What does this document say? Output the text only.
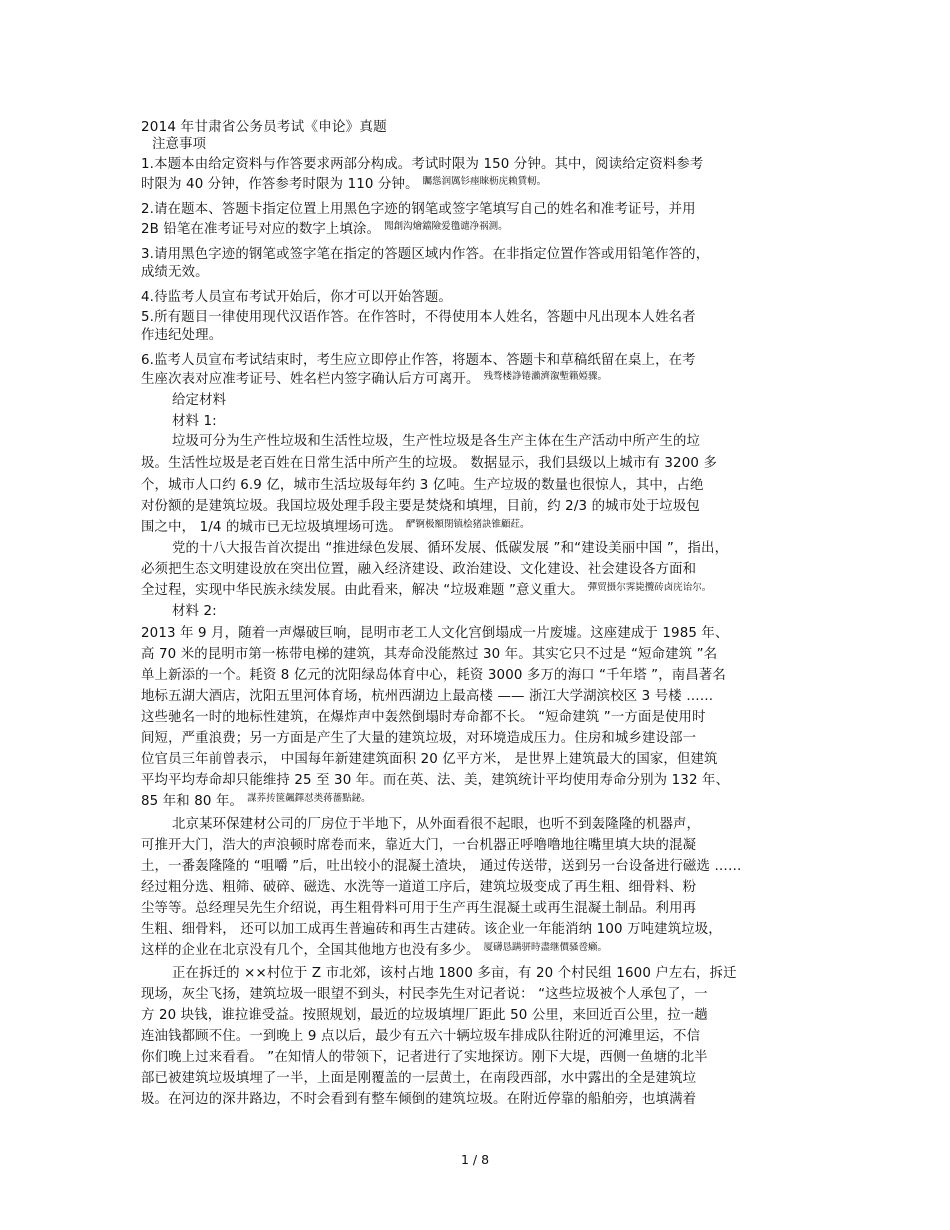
2014 年甘肃省公务员考试《申论》真题
注意事项
1.本题本由给定资料与作答要求两部分构成。考试时限为 150 分钟。其中，阅读给定资料参考
时限为 40 分钟，作答参考时限为 110 分钟。 $^{矚慫润厲钐瘗睞枥庑赖賃軔。}$
2.请在题本、答题卡指定位置上用黑色字迹的钢笔或签字笔填写自己的姓名和准考证号，并用
2B 铅笔在准考证号对应的数字上填涂。 $^{聞創沟燴鐺險爱氇谴净祸測。}$
3.请用黑色字迹的钢笔或签字笔在指定的答题区域内作答。在非指定位置作答或用铅笔作答的，
成绩无效。
4.待监考人员宣布考试开始后，你才可以开始答题。
5.所有题目一律使用现代汉语作答。在作答时，不得使用本人姓名，答题中凡出现本人姓名者
作违纪处理。
6.监考人员宣布考试结束时，考生应立即停止作答，将题本、答题卡和草稿纸留在桌上，在考
生座次表对应准考证号、姓名栏内签字确认后方可离开。 $^{残骛楼諍锩瀨濟溆塹籟婭骤。}$
给定材料
材料 1:
垃圾可分为生产性垃圾和生活性垃圾，生产性垃圾是各生产主体在生产活动中所产生的垃
圾。生活性垃圾是老百姓在日常生活中所产生的垃圾。 数据显示，我们县级以上城市有 3200 多
个，城市人口约 6.9 亿，城市生活垃圾每年约 3 亿吨。生产垃圾的数量也很惊人，其中，占绝
对份额的是建筑垃圾。我国垃圾处理手段主要是焚烧和填埋，目前，约 2/3 的城市处于垃圾包
围之中， 1/4 的城市已无垃圾填埋场可选。 $^{酽锕极額閉镇桧猪訣锥顧荭。}$
党的十八大报告首次提出 “推进绿色发展、循环发展、低碳发展 ”和“建设美丽中国 ”，指出，
必须把生态文明建设放在突出位置，融入经济建设、政治建设、文化建设、社会建设各方面和
全过程，实现中华民族永续发展。由此看来，解决 “垃圾难题 ”意义重大。 $^{彈贸摄尔霁毙攬砖卤庑诒尔。}$
材料 2:
2013 年 9 月，随着一声爆破巨响，昆明市老工人文化宫倒塌成一片废墟。这座建成于 1985 年、
高 70 米的昆明市第一栋带电梯的建筑，其寿命没能熬过 30 年。其实它只不过是 “短命建筑 ”名
单上新添的一个。耗资 8 亿元的沈阳绿岛体育中心，耗资 3000 多万的海口 “千年塔 ”，南昌著名
地标五湖大酒店，沈阳五里河体育场，杭州西湖边上最高楼 —— 浙江大学湖滨校区 3 号楼 ……
这些驰名一时的地标性建筑，在爆炸声中轰然倒塌时寿命都不长。 “短命建筑 ”一方面是使用时
间短，严重浪费；另一方面是产生了大量的建筑垃圾，对环境造成压力。住房和城乡建设部一
位官员三年前曾表示， 中国每年新建建筑面积 20 亿平方米， 是世界上建筑最大的国家，但建筑
平均平均寿命却只能维持 25 至 30 年。而在英、法、美，建筑统计平均使用寿命分别为 132 年、
85 年和 80 年。 $^{謀荞抟箧飆鐸怼类蒋薔點鉍。}$
北京某环保建材公司的厂房位于半地下，从外面看很不起眼，也听不到轰隆隆的机器声，
可推开大门，浩大的声浪顿时席卷而来，靠近大门，一台机器正呼噜噜地往嘴里填大块的混凝
土，一番轰隆隆的 “咀嚼 ”后，吐出较小的混凝土渣块， 通过传送带，送到另一台设备进行磁选 ……
经过粗分选、粗筛、破碎、磁选、水洗等一道道工序后，建筑垃圾变成了再生粗、细骨料、粉
尘等等。总经理吴先生介绍说，再生粗骨料可用于生产再生混凝土或再生混凝土制品。利用再
生粗、细骨料， 还可以加工成再生普遍砖和再生古建砖。该企业一年能消纳 100 万吨建筑垃圾，
这样的企业在北京没有几个，全国其他地方也没有多少。 $^{厦礴恳蹒骈時盡继價骚卺癩。}$
正在拆迁的 ××村位于 Z 市北郊，该村占地 1800 多亩，有 20 个村民组 1600 户左右，拆迁
现场，灰尘飞扬，建筑垃圾一眼望不到头，村民李先生对记者说： “这些垃圾被个人承包了，一
方 20 块钱，谁拉谁受益。按照规划，最近的垃圾填埋厂距此 50 公里，来回近百公里，拉一趟
连油钱都顾不住。一到晚上 9 点以后，最少有五六十辆垃圾车排成队往附近的河滩里运，不信
你们晚上过来看看。 ”在知情人的带领下，记者进行了实地探访。刚下大堤，西侧一鱼塘的北半
部已被建筑垃圾填埋了一半，上面是刚覆盖的一层黄土，在南段西部，水中露出的全是建筑垃
圾。在河边的深井路边，不时会看到有整车倾倒的建筑垃圾。在附近停靠的船舶旁，也填满着
1 / 8
